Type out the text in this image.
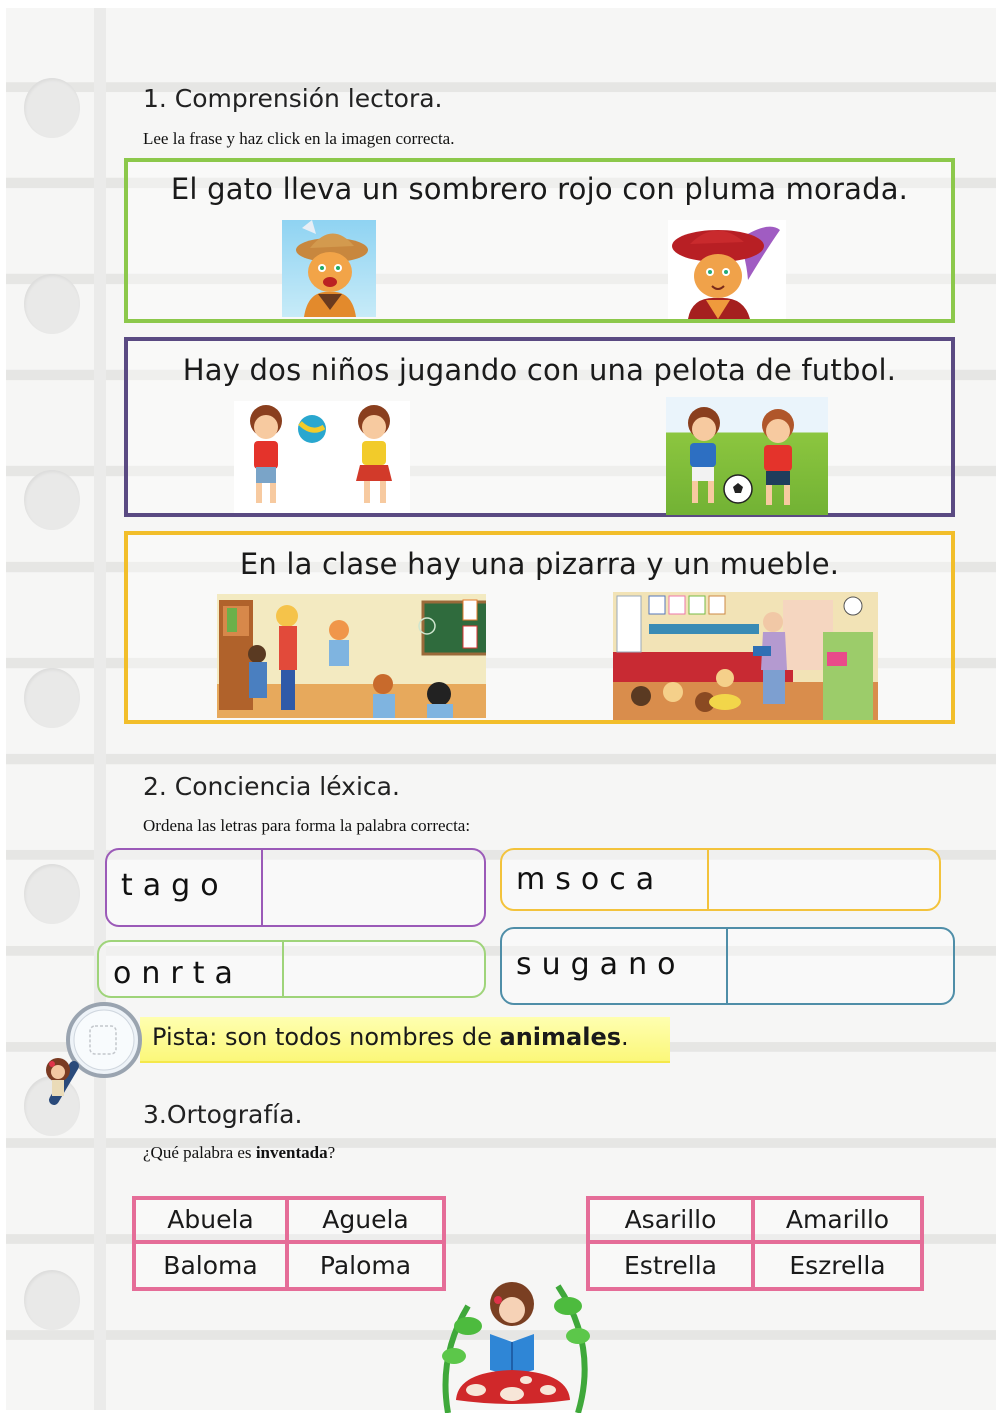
1. Comprensión lectora.
Lee la frase y haz click en la imagen correcta.
El gato lleva un sombrero rojo con pluma morada.
Hay dos niños jugando con una pelota de futbol.
En la clase hay una pizarra y un mueble.
2. Conciencia léxica.
Ordena las letras para forma la palabra correcta:
tago	msoca
onrta	sugano
Pista: son todos nombres de animales.
3.Ortografía.
¿Qué palabra es inventada?
Abuela	Aguela
Baloma	Paloma
Asarillo	Amarillo
Estrella	Eszrella
